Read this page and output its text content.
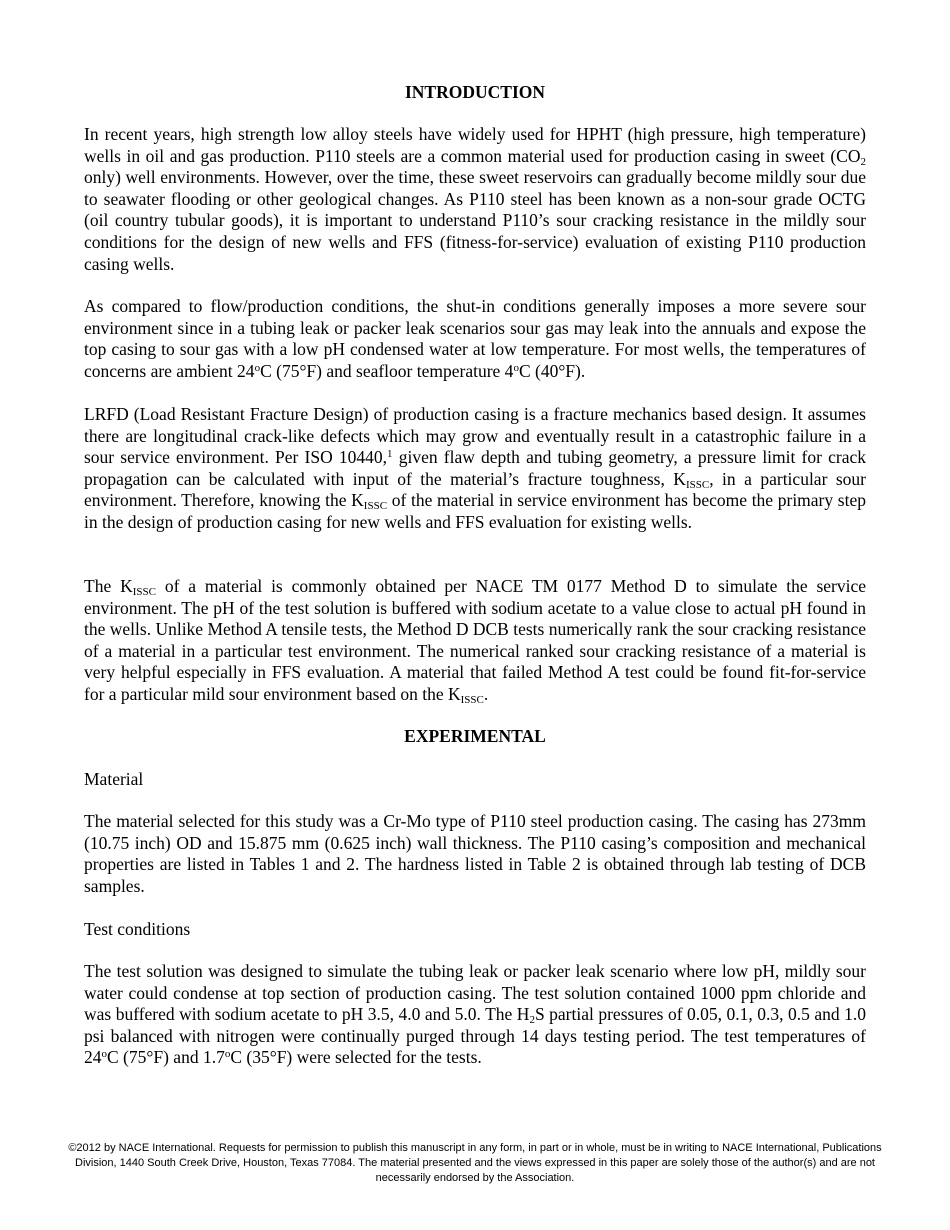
INTRODUCTION
In recent years, high strength low alloy steels have widely used for HPHT (high pressure, high temperature) wells in oil and gas production. P110 steels are a common material used for production casing in sweet ($CO_2$ only) well environments. However, over the time, these sweet reservoirs can gradually become mildly sour due to seawater flooding or other geological changes. As P110 steel has been known as a non-sour grade OCTG (oil country tubular goods), it is important to understand P110’s sour cracking resistance in the mildly sour conditions for the design of new wells and FFS (fitness-for-service) evaluation of existing P110 production casing wells.
As compared to flow/production conditions, the shut-in conditions generally imposes a more severe sour environment since in a tubing leak or packer leak scenarios sour gas may leak into the annuals and expose the top casing to sour gas with a low pH condensed water at low temperature. For most wells, the temperatures of concerns are ambient 24$^o$C (75°F) and seafloor temperature 4$^o$C (40°F).
LRFD (Load Resistant Fracture Design) of production casing is a fracture mechanics based design. It assumes there are longitudinal crack-like defects which may grow and eventually result in a catastrophic failure in a sour service environment. Per ISO 10440,$^1$ given flaw depth and tubing geometry, a pressure limit for crack propagation can be calculated with input of the material’s fracture toughness, $K_{ISSC}$, in a particular sour environment. Therefore, knowing the $K_{ISSC}$ of the material in service environment has become the primary step in the design of production casing for new wells and FFS evaluation for existing wells.
The $K_{ISSC}$ of a material is commonly obtained per NACE TM 0177 Method D to simulate the service environment. The pH of the test solution is buffered with sodium acetate to a value close to actual pH found in the wells. Unlike Method A tensile tests, the Method D DCB tests numerically rank the sour cracking resistance of a material in a particular test environment. The numerical ranked sour cracking resistance of a material is very helpful especially in FFS evaluation. A material that failed Method A test could be found fit-for-service for a particular mild sour environment based on the $K_{ISSC}$.
EXPERIMENTAL
Material
The material selected for this study was a Cr-Mo type of P110 steel production casing. The casing has 273mm (10.75 inch) OD and 15.875 mm (0.625 inch) wall thickness. The P110 casing’s composition and mechanical properties are listed in Tables 1 and 2. The hardness listed in Table 2 is obtained through lab testing of DCB samples.
Test conditions
The test solution was designed to simulate the tubing leak or packer leak scenario where low pH, mildly sour water could condense at top section of production casing. The test solution contained 1000 ppm chloride and was buffered with sodium acetate to pH 3.5, 4.0 and 5.0. The $H_2S$ partial pressures of 0.05, 0.1, 0.3, 0.5 and 1.0 psi balanced with nitrogen were continually purged through 14 days testing period. The test temperatures of 24$^o$C (75°F) and 1.7$^o$C (35°F) were selected for the tests.
©2012 by NACE International. Requests for permission to publish this manuscript in any form, in part or in whole, must be in writing to NACE International, Publications Division, 1440 South Creek Drive, Houston, Texas 77084. The material presented and the views expressed in this paper are solely those of the author(s) and are not necessarily endorsed by the Association.
